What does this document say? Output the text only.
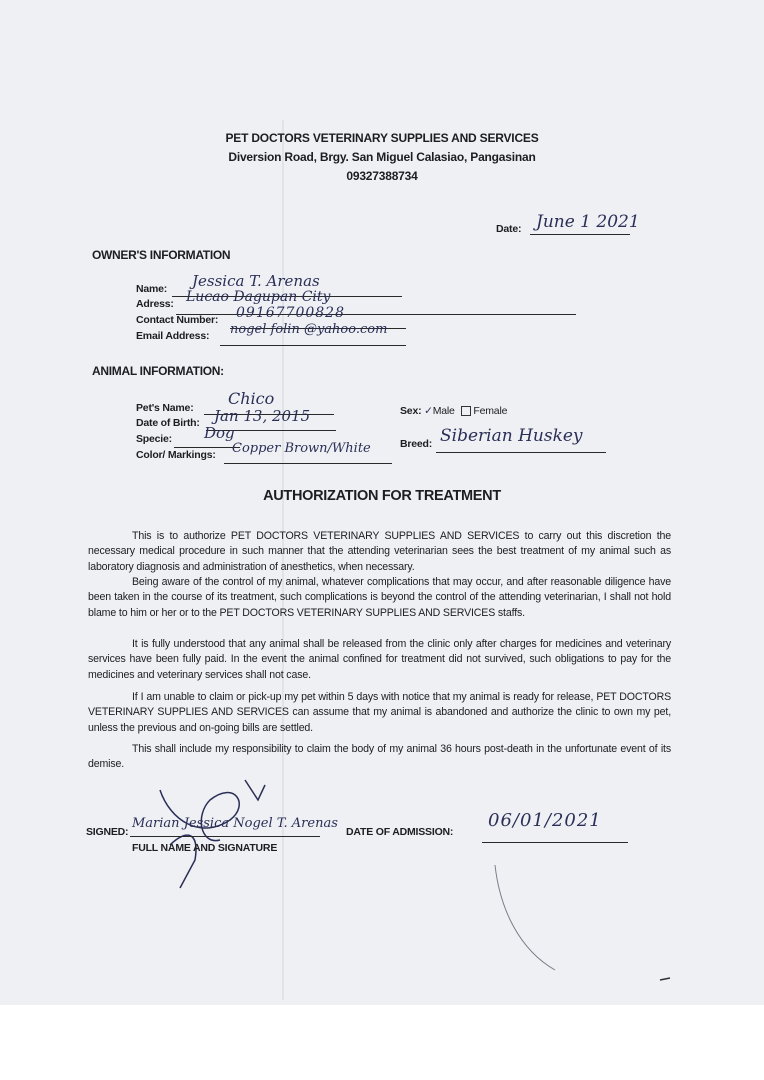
PET DOCTORS VETERINARY SUPPLIES AND SERVICES
Diversion Road, Brgy. San Miguel Calasiao, Pangasinan
09327388734
Date: June 1 2021
OWNER'S INFORMATION
Name: Jessica T. Arenas
Adress: Lucao Dagupan City
Contact Number: 09167700828
Email Address: nogel folin @yahoo.com
ANIMAL INFORMATION:
Pet's Name: Chico
Date of Birth: Jan 13, 2015
Specie: Dog
Color/ Markings: Copper Brown/White
Sex: ✓Male Female
Breed: Siberian Huskey
AUTHORIZATION FOR TREATMENT
This is to authorize PET DOCTORS VETERINARY SUPPLIES AND SERVICES to carry out this discretion the necessary medical procedure in such manner that the attending veterinarian sees the best treatment of my animal such as laboratory diagnosis and administration of anesthetics, when necessary.
Being aware of the control of my animal, whatever complications that may occur, and after reasonable diligence have been taken in the course of its treatment, such complications is beyond the control of the attending veterinarian, I shall not hold blame to him or her or to the PET DOCTORS VETERINARY SUPPLIES AND SERVICES staffs.
It is fully understood that any animal shall be released from the clinic only after charges for medicines and veterinary services have been fully paid. In the event the animal confined for treatment did not survived, such obligations to pay for the medicines and veterinary services shall not case.
If I am unable to claim or pick-up my pet within 5 days with notice that my animal is ready for release, PET DOCTORS VETERINARY SUPPLIES AND SERVICES can assume that my animal is abandoned and authorize the clinic to own my pet, unless the previous and on-going bills are settled.
This shall include my responsibility to claim the body of my animal 36 hours post-death in the unfortunate event of its demise.
SIGNED:
Marian Jessica Nogel T. Arenas
FULL NAME AND SIGNATURE
DATE OF ADMISSION:
06/01/2021
